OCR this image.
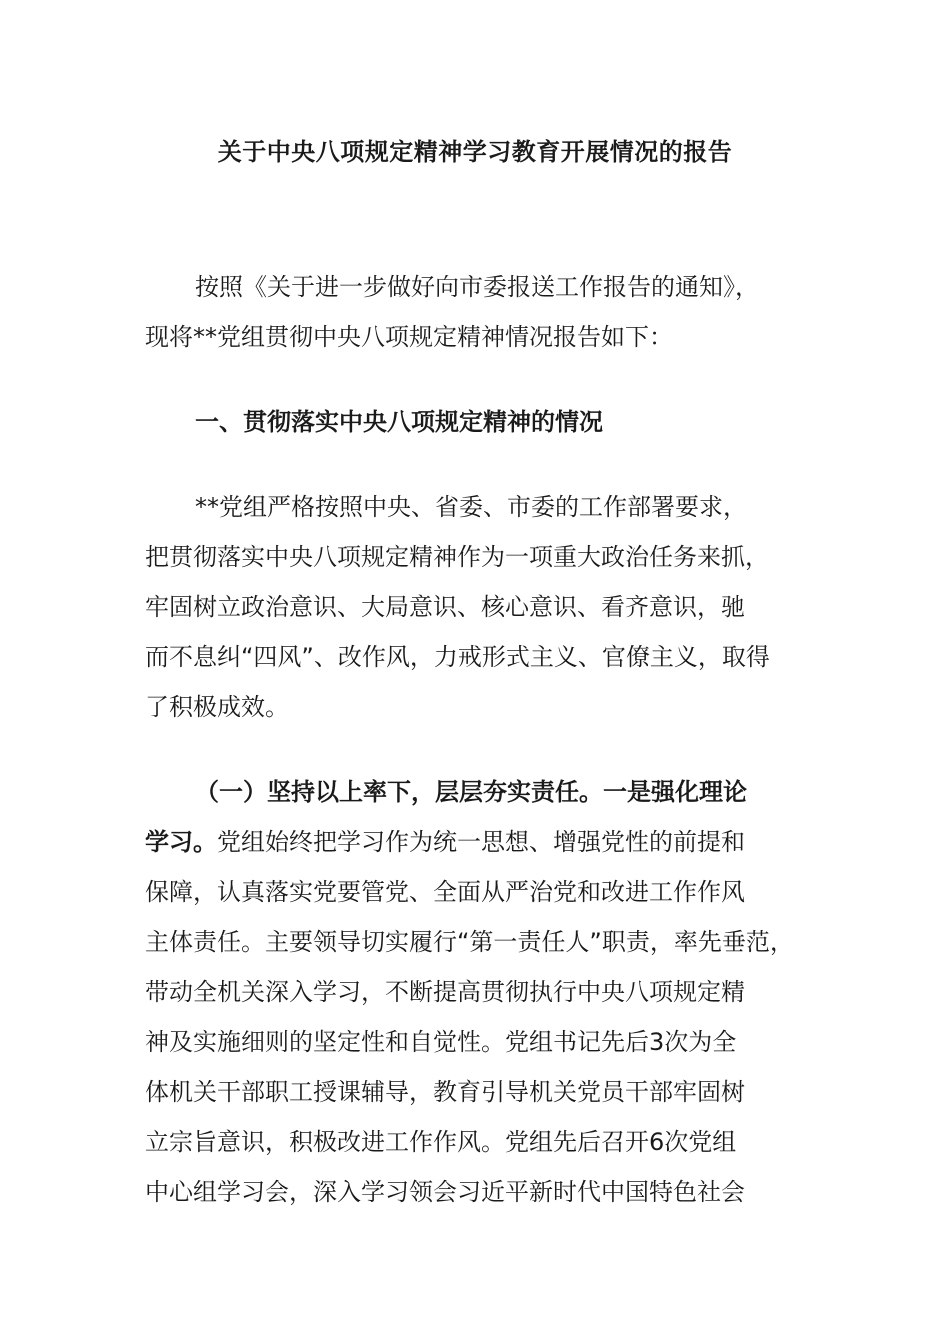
关于中央八项规定精神学习教育开展情况的报告
按照《关于进一步做好向市委报送工作报告的通知》，
现将**党组贯彻中央八项规定精神情况报告如下：
一、贯彻落实中央八项规定精神的情况
**党组严格按照中央、省委、市委的工作部署要求，
把贯彻落实中央八项规定精神作为一项重大政治任务来抓，
牢固树立政治意识、大局意识、核心意识、看齐意识，驰
而不息纠“四风”、改作风，力戒形式主义、官僚主义，取得
了积极成效。
（一）坚持以上率下，层层夯实责任。一是强化理论
学习。党组始终把学习作为统一思想、增强党性的前提和
保障，认真落实党要管党、全面从严治党和改进工作作风
主体责任。主要领导切实履行“第一责任人”职责，率先垂范，
带动全机关深入学习，不断提高贯彻执行中央八项规定精
神及实施细则的坚定性和自觉性。党组书记先后3次为全
体机关干部职工授课辅导，教育引导机关党员干部牢固树
立宗旨意识，积极改进工作作风。党组先后召开6次党组
中心组学习会，深入学习领会习近平新时代中国特色社会
